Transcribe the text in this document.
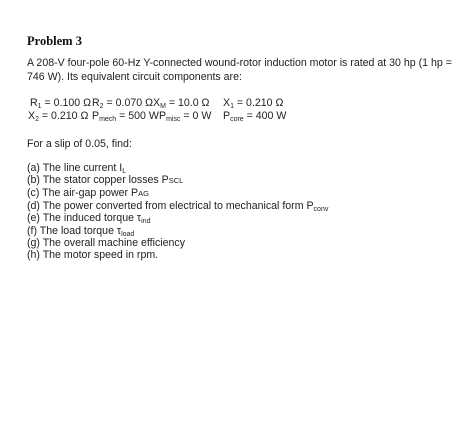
Problem 3

A 208-V four-pole 60-Hz Y-connected wound-rotor induction motor is rated at 30 hp (1 hp = 746 W). Its equivalent circuit components are:

$R_1 = 0.100$ Ω $R_2 = 0.070$ Ω $X_M = 10.0$ Ω $X_1 = 0.210$ Ω
$X_2 = 0.210$ Ω $P_{mech} = 500$ W $P_{misc} = 0$ W $P_{core} = 400$ W

For a slip of 0.05, find:

(a) The line current $I_L$

(b) The stator copper losses PSCL

(c) The air-gap power PAG

(d) The power converted from electrical to mechanical form $P_{conv}$

(e) The induced torque $\tau_{ind}$

(f) The load torque $\tau_{load}$

(g) The overall machine efficiency

(h) The motor speed in rpm.
